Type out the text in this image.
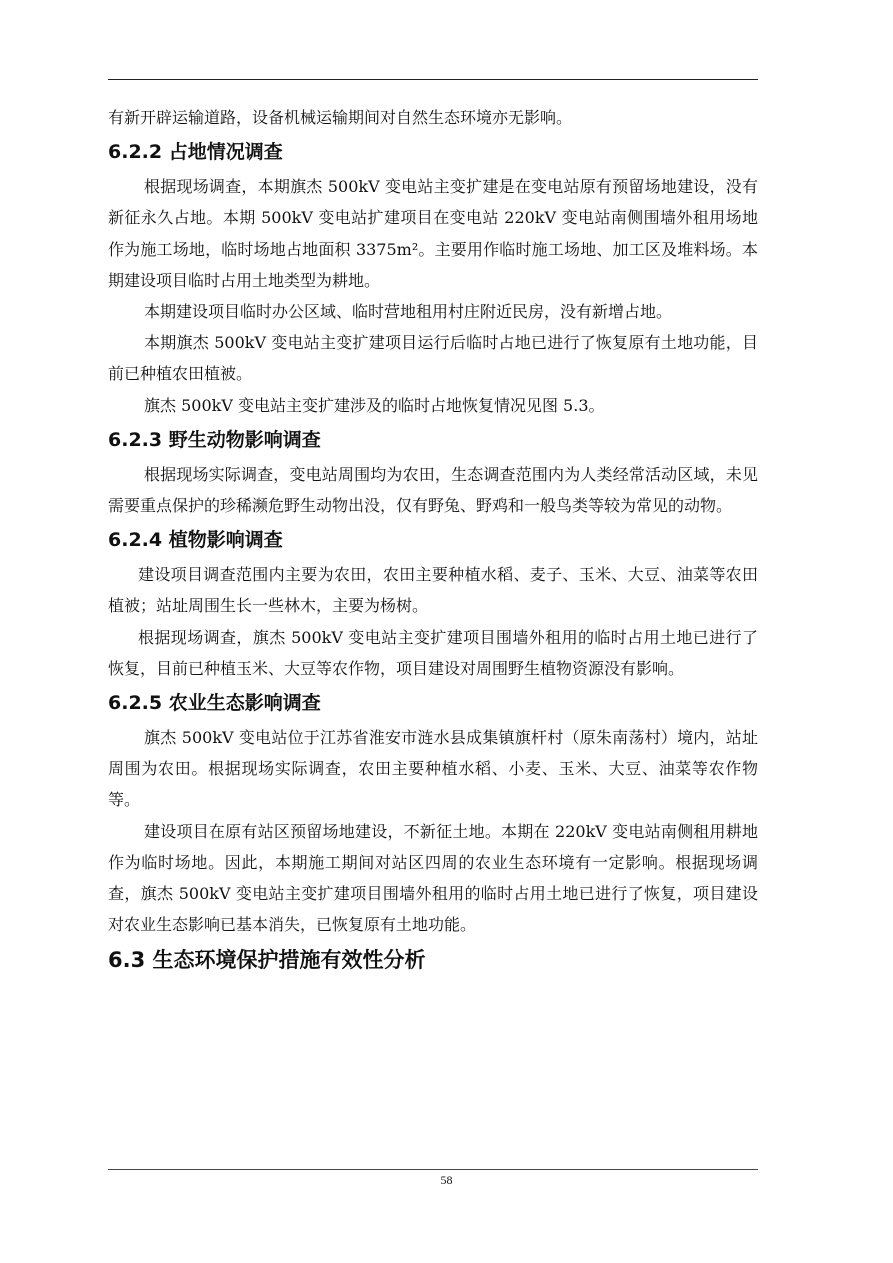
有新开辟运输道路，设备机械运输期间对自然生态环境亦无影响。

6.2.2 占地情况调查

根据现场调查，本期旗杰 500kV 变电站主变扩建是在变电站原有预留场地建设，没有新征永久占地。本期 500kV 变电站扩建项目在变电站 220kV 变电站南侧围墙外租用场地作为施工场地，临时场地占地面积 3375m²。主要用作临时施工场地、加工区及堆料场。本期建设项目临时占用土地类型为耕地。

本期建设项目临时办公区域、临时营地租用村庄附近民房，没有新增占地。

本期旗杰 500kV 变电站主变扩建项目运行后临时占地已进行了恢复原有土地功能，目前已种植农田植被。

旗杰 500kV 变电站主变扩建涉及的临时占地恢复情况见图 5.3。

6.2.3 野生动物影响调查

根据现场实际调查，变电站周围均为农田，生态调查范围内为人类经常活动区域，未见需要重点保护的珍稀濒危野生动物出没，仅有野兔、野鸡和一般鸟类等较为常见的动物。

6.2.4 植物影响调查

建设项目调查范围内主要为农田，农田主要种植水稻、麦子、玉米、大豆、油菜等农田植被；站址周围生长一些林木，主要为杨树。

根据现场调查，旗杰 500kV 变电站主变扩建项目围墙外租用的临时占用土地已进行了恢复，目前已种植玉米、大豆等农作物，项目建设对周围野生植物资源没有影响。

6.2.5 农业生态影响调查

旗杰 500kV 变电站位于江苏省淮安市涟水县成集镇旗杆村（原朱南荡村）境内，站址周围为农田。根据现场实际调查，农田主要种植水稻、小麦、玉米、大豆、油菜等农作物等。

建设项目在原有站区预留场地建设，不新征土地。本期在 220kV 变电站南侧租用耕地作为临时场地。因此，本期施工期间对站区四周的农业生态环境有一定影响。根据现场调查，旗杰 500kV 变电站主变扩建项目围墙外租用的临时占用土地已进行了恢复，项目建设对农业生态影响已基本消失，已恢复原有土地功能。

6.3 生态环境保护措施有效性分析
58
